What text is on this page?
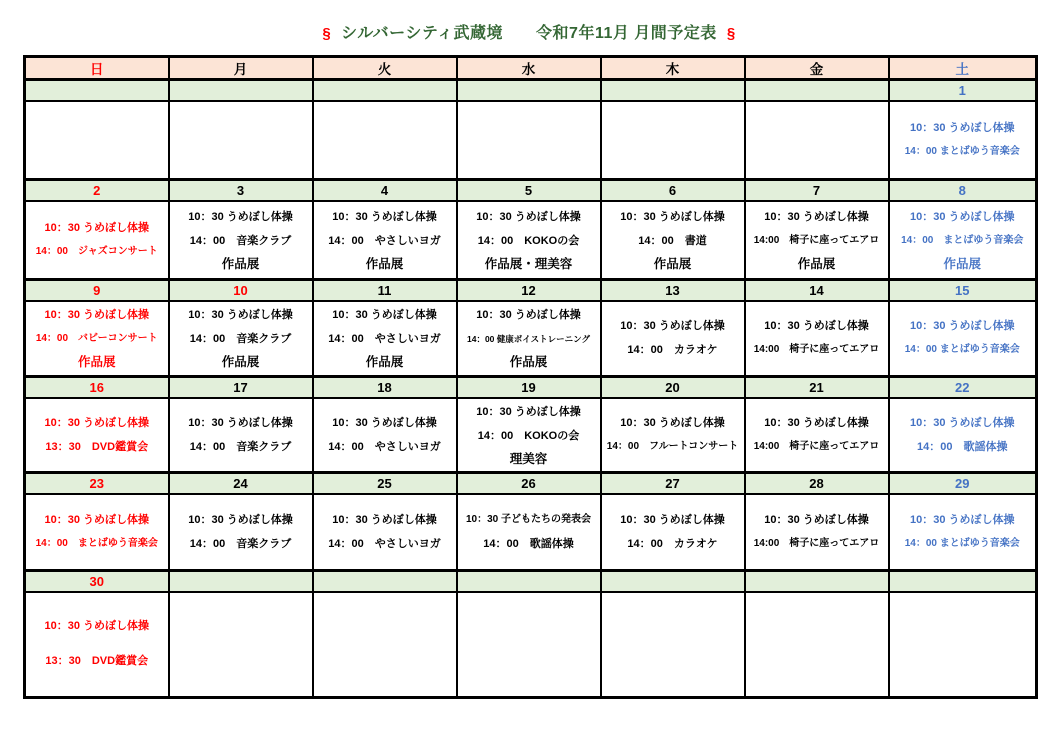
§ シルバーシティ武蔵境　　令和7年11月 月間予定表 §
日	月	火	水	木	金	土
						1

						10：30 うめぼし体操
14：00 まとばゆう音楽会

2	3	4	5	6	7	8

10：30 うめぼし体操
14：00　ジャズコンサート

10：30 うめぼし体操
14：00　音楽クラブ
作品展

10：30 うめぼし体操
14：00　やさしいヨガ
作品展

10：30 うめぼし体操
14：00　KOKOの会
作品展・理美容

10：30 うめぼし体操
14：00　書道
作品展

10：30 うめぼし体操
14:00　椅子に座ってエアロ
作品展

10：30 うめぼし体操
14：00　まとばゆう音楽会
作品展

9	10	11	12	13	14	15

10：30 うめぼし体操
14：00　バビーコンサート
作品展

10：30 うめぼし体操
14：00　音楽クラブ
作品展

10：30 うめぼし体操
14：00　やさしいヨガ
作品展

10：30 うめぼし体操
14：00 健康ボイストレーニング
作品展

10：30 うめぼし体操
14：00　カラオケ

10：30 うめぼし体操
14:00　椅子に座ってエアロ

10：30 うめぼし体操
14：00 まとばゆう音楽会

16	17	18	19	20	21	22

10：30 うめぼし体操
13：30　DVD鑑賞会

10：30 うめぼし体操
14：00　音楽クラブ

10：30 うめぼし体操
14：00　やさしいヨガ

10：30 うめぼし体操
14：00　KOKOの会
理美容

10：30 うめぼし体操
14：00　フルートコンサート

10：30 うめぼし体操
14:00　椅子に座ってエアロ

10：30 うめぼし体操
14：00　歌謡体操

23	24	25	26	27	28	29

10：30 うめぼし体操
14：00　まとばゆう音楽会

10：30 うめぼし体操
14：00　音楽クラブ

10：30 うめぼし体操
14：00　やさしいヨガ

10：30 子どもたちの発表会
14：00　歌謡体操

10：30 うめぼし体操
14：00　カラオケ

10：30 うめぼし体操
14:00　椅子に座ってエアロ

10：30 うめぼし体操
14：00 まとばゆう音楽会

30						

10：30 うめぼし体操
13：30　DVD鑑賞会						
